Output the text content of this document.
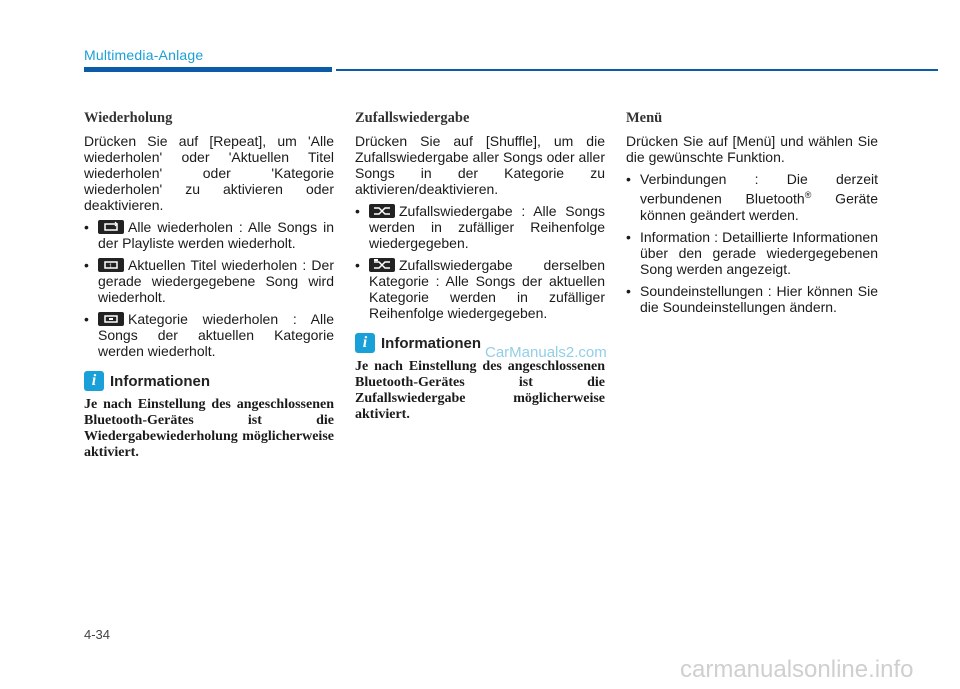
Multimedia-Anlage
Wiederholung

Drücken Sie auf [Repeat], um 'Alle wiederholen' oder 'Aktuellen Titel wiederholen' oder 'Kategorie wiederholen' zu aktivieren oder deaktivieren.

• Alle wiederholen : Alle Songs in der Playliste werden wiederholt.
• 1 Aktuellen Titel wiederholen : Der gerade wiedergegebene Song wird wiederholt.
• Kategorie wiederholen : Alle Songs der aktuellen Kategorie werden wiederholt.
i Informationen

Je nach Einstellung des angeschlossenen Bluetooth-Gerätes ist die Wiedergabewiederholung möglicherweise aktiviert.

Zufallswiedergabe

Drücken Sie auf [Shuffle], um die Zufallswiedergabe aller Songs oder aller Songs in der Kategorie zu aktivieren/deaktivieren.

• Zufallswiedergabe : Alle Songs werden in zufälliger Reihenfolge wiedergegeben.
• Zufallswiedergabe derselben Kategorie : Alle Songs der aktuellen Kategorie werden in zufälliger Reihenfolge wiedergegeben.
i Informationen

Je nach Einstellung des angeschlossenen Bluetooth-Gerätes ist die Zufallswiedergabe möglicherweise aktiviert.

Menü

Drücken Sie auf [Menü] und wählen Sie die gewünschte Funktion.

• Verbindungen : Die derzeit verbundenen Bluetooth® Geräte können geändert werden.
• Information : Detaillierte Informationen über den gerade wiedergegebenen Song werden angezeigt.
• Soundeinstellungen : Hier können Sie die Soundeinstellungen ändern.
CarManuals2.com
4-34
carmanualsonline.info
